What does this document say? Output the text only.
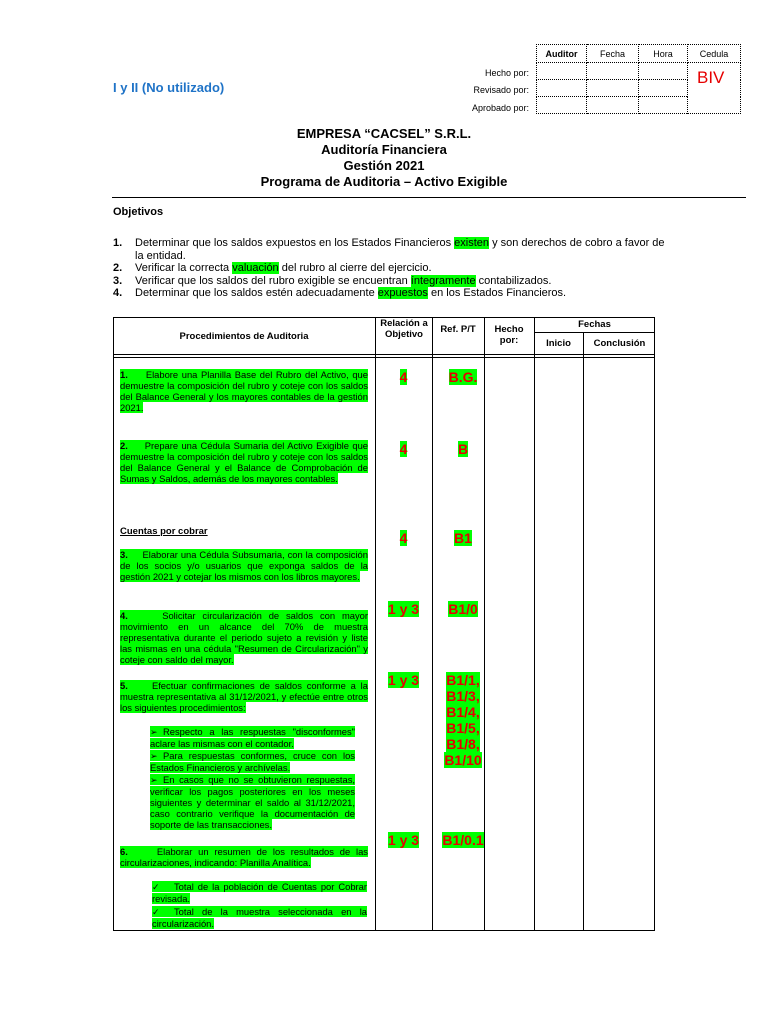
Auditor	Fecha	Hora	Cedula

Hecho por:
Revisado por:
Aprobado por:
BIV
I y II (No utilizado)
EMPRESA “CACSEL” S.R.L.
Auditoría Financiera
Gestión 2021
Programa de Auditoria – Activo Exigible
Objetivos
1. Determinar que los saldos expuestos en los Estados Financieros existen y son derechos de cobro a favor de la entidad.
2. Verificar la correcta valuación del rubro al cierre del ejercicio.
3. Verificar que los saldos del rubro exigible se encuentran íntegramente contabilizados.
4. Determinar que los saldos estén adecuadamente expuestos en los Estados Financieros.
Procedimientos de Auditoria
Relación a Objetivo	Ref. P/T	Hecho por:
Fechas
Inicio	Conclusión
1. Elabore una Planilla Base del Rubro del Activo, que demuestre la composición del rubro y coteje con los saldos del Balance General y los mayores contables de la gestión 2021.
4	B.G.
2. Prepare una Cédula Sumaria del Activo Exigible que demuestre la composición del rubro y coteje con los saldos del Balance General y el Balance de Comprobación de Sumas y Saldos, además de los mayores contables.
4	B
Cuentas por cobrar
3. Elaborar una Cédula Subsumaria, con la composición de los socios y/o usuarios que exponga saldos de la gestión 2021 y cotejar los mismos con los libros mayores.
4	B1
4.	Solicitar circularización de saldos con mayor movimiento en un alcance del 70% de muestra representativa durante el periodo sujeto a revisión y liste las mismas en una cédula "Resumen de Circularización" y coteje con saldo del mayor.
1 y 3	B1/0
5.	Efectuar confirmaciones de saldos conforme a la muestra representativa al 31/12/2021, y efectúe entre otros los siguientes procedimientos:
1 y 3	B1/1, B1/3, B1/4, B1/5, B1/8, B1/10
➢ Respecto a las respuestas "disconformes" aclare las mismas con el contador.
➢ Para respuestas conformes, cruce con los Estados Financieros y archívelas.
➢ En casos que no se obtuvieron respuestas, verificar los pagos posteriores en los meses siguientes y determinar el saldo al 31/12/2021, caso contrario verifique la documentación de soporte de las transacciones.
6.	Elaborar un resumen de los resultados de las circularizaciones, indicando: Planilla Analítica.
1 y 3	B1/0.1
✓ Total de la población de Cuentas por Cobrar revisada.
✓ Total de la muestra seleccionada en la circularización.
